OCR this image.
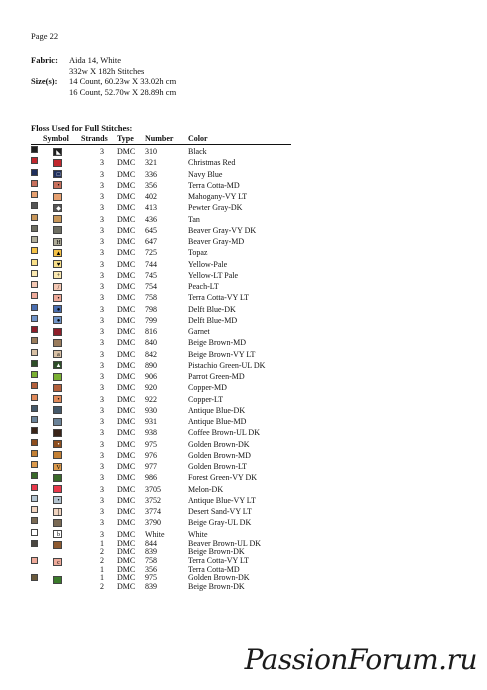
Page 22
Fabric:	Aida 14, White
332w X 182h Stitches
Size(s):	14 Count, 60.23w X 33.02h cm
16 Count, 52.70w X 28.89h cm
Floss Used for Full Stitches:
Symbol Strands Type Number Color
◣	3 DMC 310	Black
3 DMC 321	Christmas Red
□	3 DMC 336	Navy Blue
•	3 DMC 356	Terra Cotta-MD
3 DMC 402	Mahogany-VY LT
◆	3 DMC 413	Pewter Gray-DK
3 DMC 436	Tan
3 DMC 645	Beaver Gray-VY DK
H	3 DMC 647	Beaver Gray-MD
▲	3 DMC 725	Topaz
♥	3 DMC 744	Yellow-Pale
+	3 DMC 745	Yellow-LT Pale
/	3 DMC 754	Peach-LT
•	3 DMC 758	Terra Cotta-VY LT
●	3 DMC 798	Delft Blue-DK
●	3 DMC 799	Delft Blue-MD
3 DMC 816	Garnet
3 DMC 840	Beige Brown-MD
a	3 DMC 842	Beige Brown-VY LT
▲	3 DMC 890	Pistachio Green-UL DK
3 DMC 906	Parrot Green-MD
3 DMC 920	Copper-MD
•	3 DMC 922	Copper-LT
3 DMC 930	Antique Blue-DK
3 DMC 931	Antique Blue-MD
3 DMC 938	Coffee Brown-UL DK
•	3 DMC 975	Golden Brown-DK
3 DMC 976	Golden Brown-MD
V	3 DMC 977	Golden Brown-LT
3 DMC 986	Forest Green-VY DK
3 DMC 3705	Melon-DK
•	3 DMC 3752	Antique Blue-VY LT
│	3 DMC 3774	Desert Sand-VY LT
3 DMC 3790	Beige Gray-UL DK
b	3 DMC White	White
1 DMC 844	Beaver Brown-UL DK
2 DMC 839	Beige Brown-DK
c	2 DMC 758	Terra Cotta-VY LT
1 DMC 356	Terra Cotta-MD
1 DMC 975	Golden Brown-DK
2 DMC 839	Beige Brown-DK
PassionForum.ru
